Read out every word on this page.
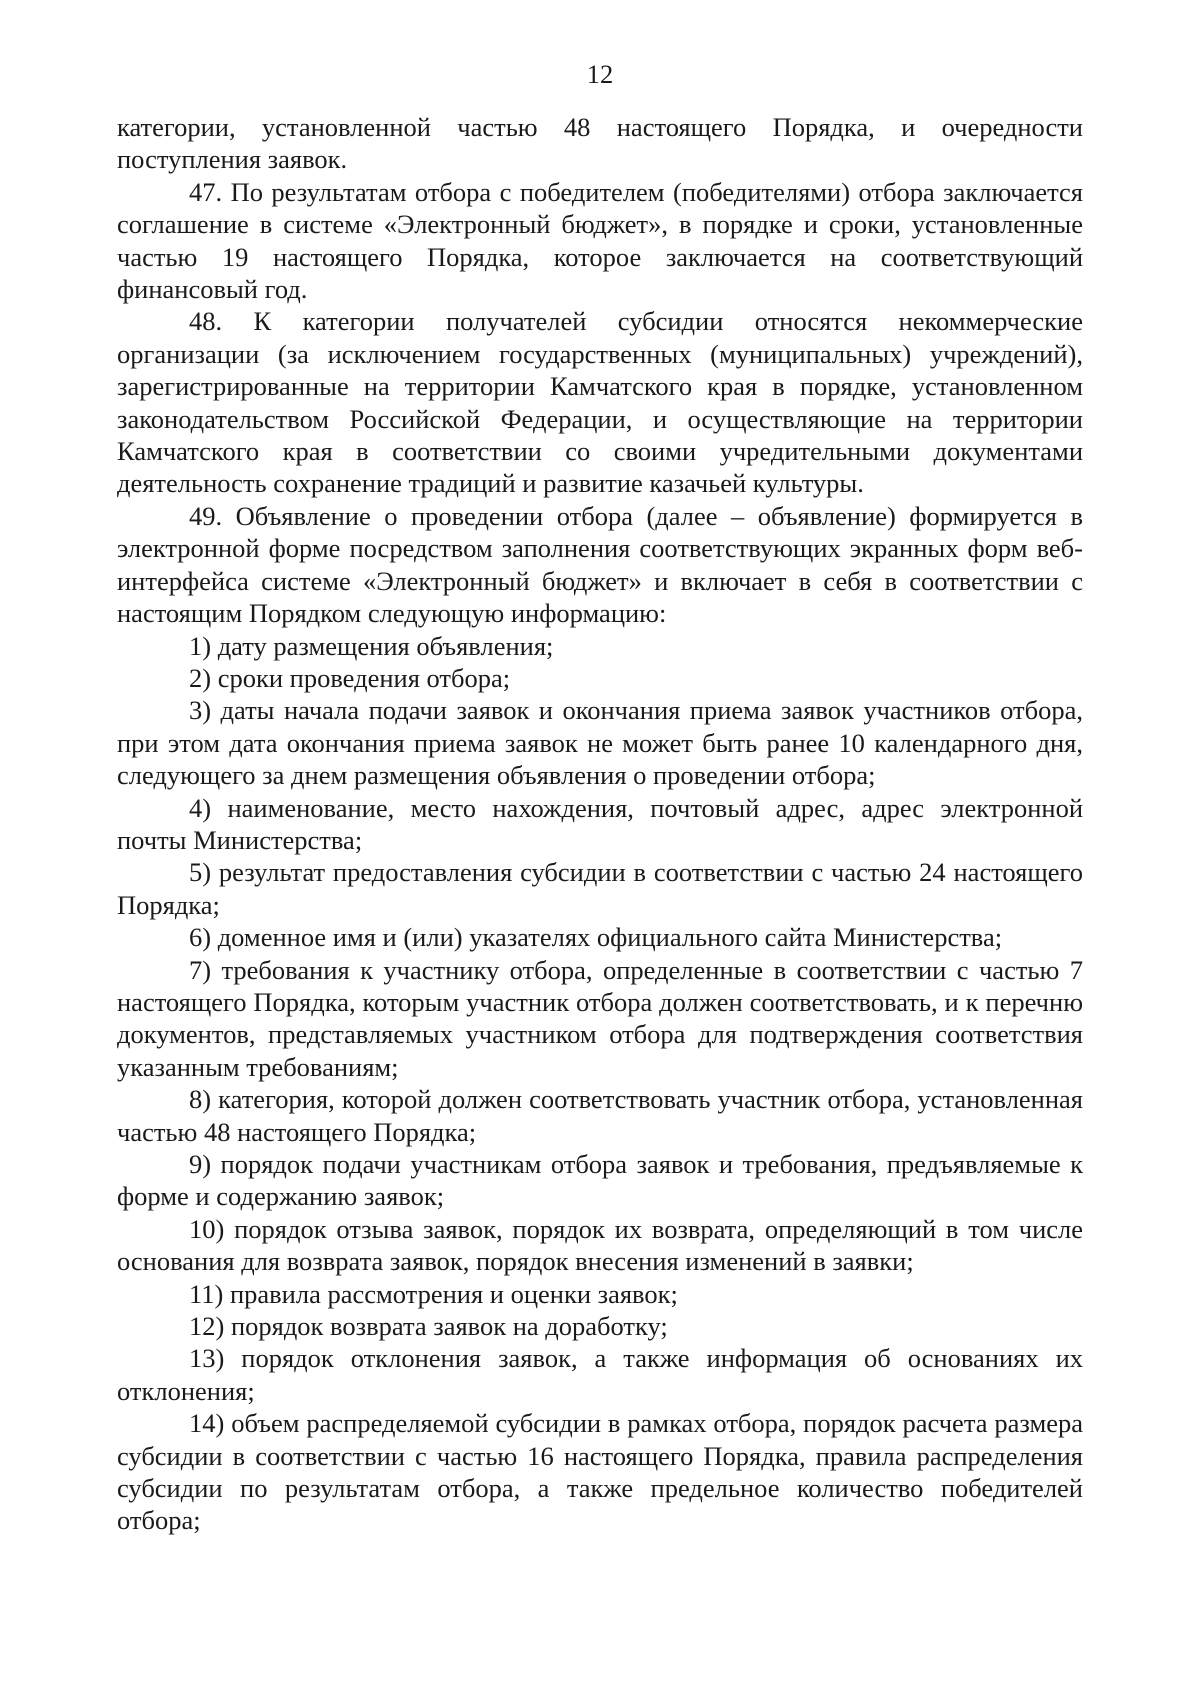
12

категории, установленной частью 48 настоящего Порядка, и очередности поступления заявок.

47. По результатам отбора с победителем (победителями) отбора заключается соглашение в системе «Электронный бюджет», в порядке и сроки, установленные частью 19 настоящего Порядка, которое заключается на соответствующий финансовый год.

48. К категории получателей субсидии относятся некоммерческие организации (за исключением государственных (муниципальных) учреждений), зарегистрированные на территории Камчатского края в порядке, установленном законодательством Российской Федерации, и осуществляющие на территории Камчатского края в соответствии со своими учредительными документами деятельность сохранение традиций и развитие казачьей культуры.

49. Объявление о проведении отбора (далее – объявление) формируется в электронной форме посредством заполнения соответствующих экранных форм веб-интерфейса системе «Электронный бюджет» и включает в себя в соответствии с настоящим Порядком следующую информацию:

1) дату размещения объявления;

2) сроки проведения отбора;

3) даты начала подачи заявок и окончания приема заявок участников отбора, при этом дата окончания приема заявок не может быть ранее 10 календарного дня, следующего за днем размещения объявления о проведении отбора;

4) наименование, место нахождения, почтовый адрес, адрес электронной почты Министерства;

5) результат предоставления субсидии в соответствии с частью 24 настоящего Порядка;

6) доменное имя и (или) указателях официального сайта Министерства;

7) требования к участнику отбора, определенные в соответствии с частью 7 настоящего Порядка, которым участник отбора должен соответствовать, и к перечню документов, представляемых участником отбора для подтверждения соответствия указанным требованиям;

8) категория, которой должен соответствовать участник отбора, установленная частью 48 настоящего Порядка;

9) порядок подачи участникам отбора заявок и требования, предъявляемые к форме и содержанию заявок;

10) порядок отзыва заявок, порядок их возврата, определяющий в том числе основания для возврата заявок, порядок внесения изменений в заявки;

11) правила рассмотрения и оценки заявок;

12) порядок возврата заявок на доработку;

13) порядок отклонения заявок, а также информация об основаниях их отклонения;

14) объем распределяемой субсидии в рамках отбора, порядок расчета размера субсидии в соответствии с частью 16 настоящего Порядка, правила распределения субсидии по результатам отбора, а также предельное количество победителей отбора;
